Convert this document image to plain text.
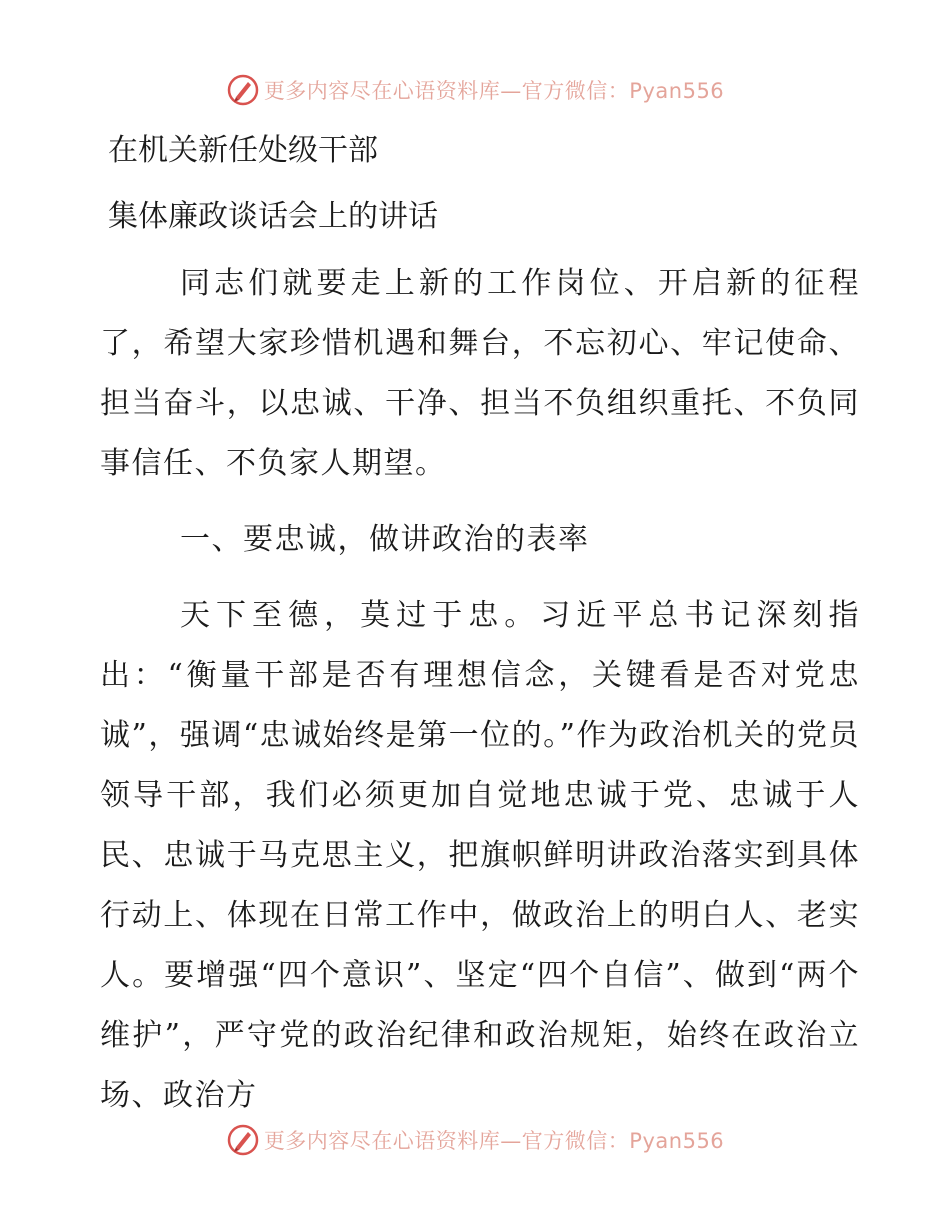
更多内容尽在心语资料库—官方微信：Pyan556
在机关新任处级干部
集体廉政谈话会上的讲话

同志们就要走上新的工作岗位、开启新的征程了，希望大家珍惜机遇和舞台，不忘初心、牢记使命、担当奋斗，以忠诚、干净、担当不负组织重托、不负同事信任、不负家人期望。

一、要忠诚，做讲政治的表率

天下至德，莫过于忠。习近平总书记深刻指出：“衡量干部是否有理想信念，关键看是否对党忠诚”，强调“忠诚始终是第一位的。”作为政治机关的党员领导干部，我们必须更加自觉地忠诚于党、忠诚于人民、忠诚于马克思主义，把旗帜鲜明讲政治落实到具体行动上、体现在日常工作中，做政治上的明白人、老实人。要增强“四个意识”、坚定“四个自信”、做到“两个维护”，严守党的政治纪律和政治规矩，始终在政治立场、政治方

更多内容尽在心语资料库—官方微信：Pyan556
